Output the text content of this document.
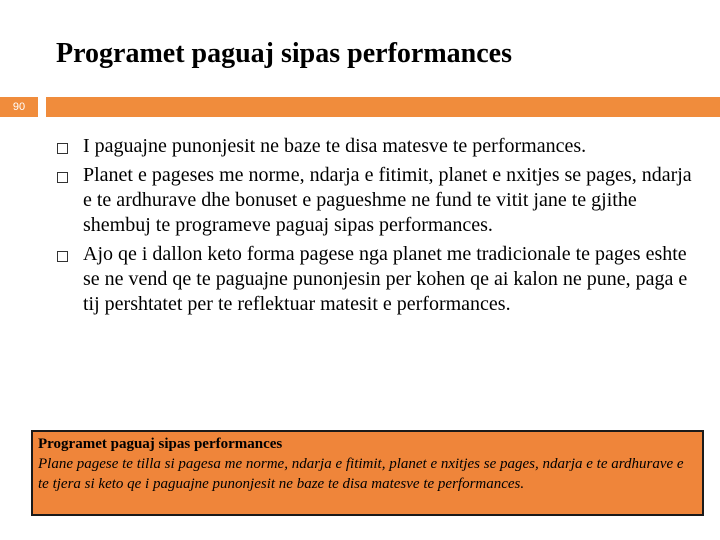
Programet paguaj sipas performances
90
I paguajne punonjesit ne baze te disa matesve te performances.
Planet e pageses me norme, ndarja e fitimit, planet e nxitjes se pages, ndarja e te ardhurave dhe bonuset e pagueshme ne fund te vitit jane te gjithe shembuj te programeve paguaj sipas performances.
Ajo qe i dallon keto forma pagese nga planet me tradicionale te pages eshte se ne vend qe te paguajne punonjesin per kohen qe ai kalon ne pune, paga e tij pershtatet per te reflektuar matesit e performances.
Programet paguaj sipas performances
Plane pagese te tilla si pagesa me norme, ndarja e fitimit, planet e nxitjes se pages, ndarja e te ardhurave e te tjera si keto qe i paguajne punonjesit ne baze te disa matesve te performances.
